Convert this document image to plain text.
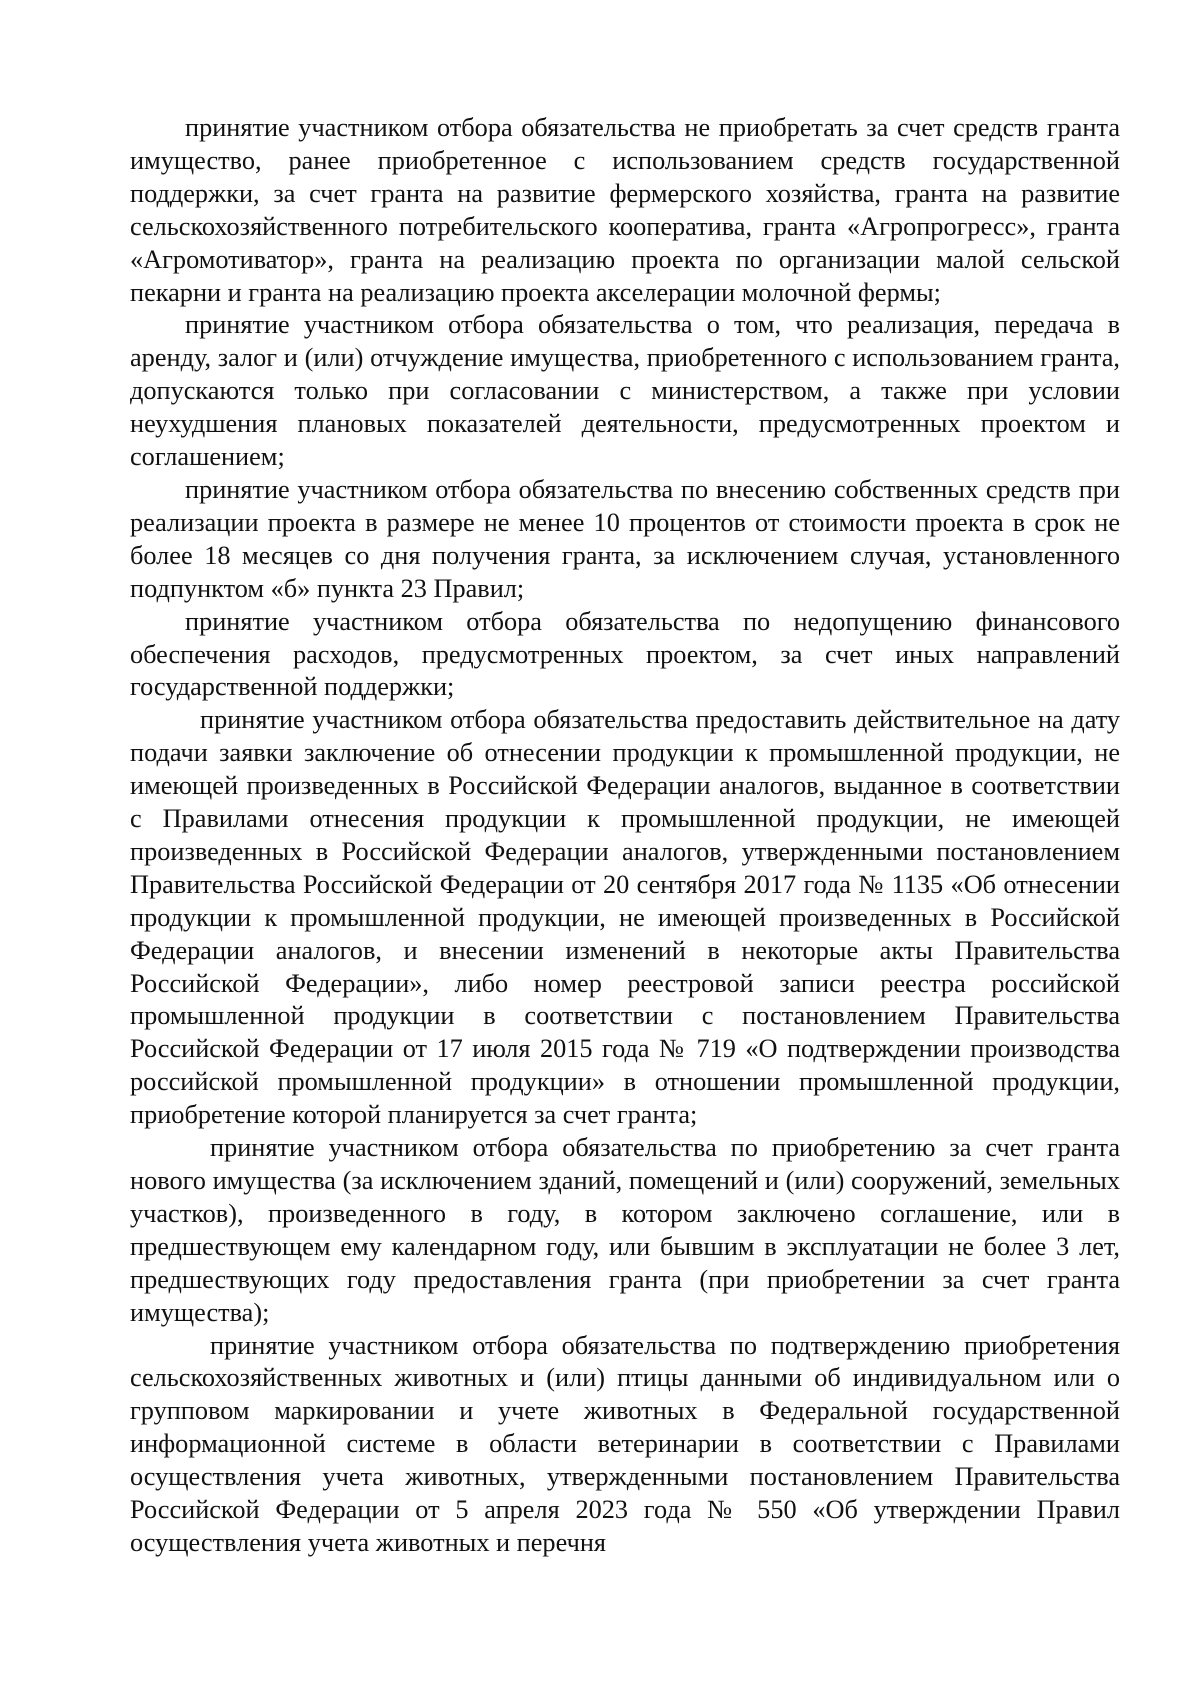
принятие участником отбора обязательства не приобретать за счет средств гранта имущество, ранее приобретенное с использованием средств государственной поддержки, за счет гранта на развитие фермерского хозяйства, гранта на развитие сельскохозяйственного потребительского кооператива, гранта «Агропрогресс», гранта «Агромотиватор», гранта на реализацию проекта по организации малой сельской пекарни и гранта на реализацию проекта акселерации молочной фермы;

принятие участником отбора обязательства о том, что реализация, передача в аренду, залог и (или) отчуждение имущества, приобретенного с использованием гранта, допускаются только при согласовании с министерством, а также при условии неухудшения плановых показателей деятельности, предусмотренных проектом и соглашением;

принятие участником отбора обязательства по внесению собственных средств при реализации проекта в размере не менее 10 процентов от стоимости проекта в срок не более 18 месяцев со дня получения гранта, за исключением случая, установленного подпунктом «б» пункта 23 Правил;

принятие участником отбора обязательства по недопущению финансового обеспечения расходов, предусмотренных проектом, за счет иных направлений государственной поддержки;

принятие участником отбора обязательства предоставить действительное на дату подачи заявки заключение об отнесении продукции к промышленной продукции, не имеющей произведенных в Российской Федерации аналогов, выданное в соответствии с Правилами отнесения продукции к промышленной продукции, не имеющей произведенных в Российской Федерации аналогов, утвержденными постановлением Правительства Российской Федерации от 20 сентября 2017 года № 1135 «Об отнесении продукции к промышленной продукции, не имеющей произведенных в Российской Федерации аналогов, и внесении изменений в некоторые акты Правительства Российской Федерации», либо номер реестровой записи реестра российской промышленной продукции в соответствии с постановлением Правительства Российской Федерации от 17 июля 2015 года № 719 «О подтверждении производства российской промышленной продукции» в отношении промышленной продукции, приобретение которой планируется за счет гранта;

принятие участником отбора обязательства по приобретению за счет гранта нового имущества (за исключением зданий, помещений и (или) сооружений, земельных участков), произведенного в году, в котором заключено соглашение, или в предшествующем ему календарном году, или бывшим в эксплуатации не более 3 лет, предшествующих году предоставления гранта (при приобретении за счет гранта имущества);

принятие участником отбора обязательства по подтверждению приобретения сельскохозяйственных животных и (или) птицы данными об индивидуальном или о групповом маркировании и учете животных в Федеральной государственной информационной системе в области ветеринарии в соответствии с Правилами осуществления учета животных, утвержденными постановлением Правительства Российской Федерации от 5 апреля 2023 года № 550 «Об утверждении Правил осуществления учета животных и перечня
